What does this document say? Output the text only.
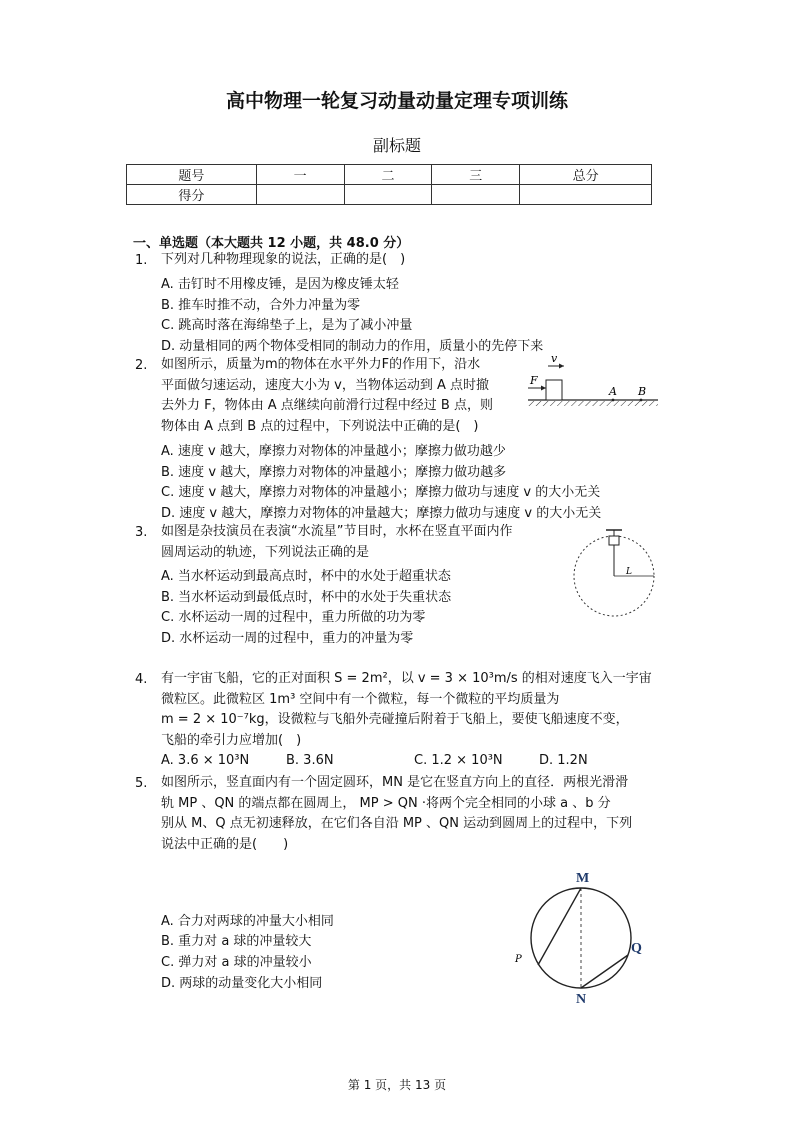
高中物理一轮复习动量动量定理专项训练
副标题
题号	一	二	三	总分
得分				
一、单选题（本大题共 12 小题，共 48.0 分）
1. 下列对几种物理现象的说法，正确的是(　)
A. 击钉时不用橡皮锤，是因为橡皮锤太轻
B. 推车时推不动，合外力冲量为零
C. 跳高时落在海绵垫子上，是为了减小冲量
D. 动量相同的两个物体受相同的制动力的作用，质量小的先停下来
2. 如图所示，质量为m的物体在水平外力F的作用下，沿水
平面做匀速运动，速度大小为 v，当物体运动到 A 点时撤
去外力 F，物体由 A 点继续向前滑行过程中经过 B 点，则
物体由 A 点到 B 点的过程中，下列说法中正确的是(　)
A. 速度 v 越大，摩擦力对物体的冲量越小；摩擦力做功越少
B. 速度 v 越大，摩擦力对物体的冲量越小；摩擦力做功越多
C. 速度 v 越大，摩擦力对物体的冲量越小；摩擦力做功与速度 v 的大小无关
D. 速度 v 越大，摩擦力对物体的冲量越大；摩擦力做功与速度 v 的大小无关
v
F
A B
3. 如图是杂技演员在表演“水流星”节目时，水杯在竖直平面内作
圆周运动的轨迹，下列说法正确的是
A. 当水杯运动到最高点时，杯中的水处于超重状态
B. 当水杯运动到最低点时，杯中的水处于失重状态
C. 水杯运动一周的过程中，重力所做的功为零
D. 水杯运动一周的过程中，重力的冲量为零
L
4. 有一宇宙飞船，它的正对面积 S = 2m²，以 v = 3 × 10³m/s 的相对速度飞入一宇宙
微粒区。此微粒区 1m³ 空间中有一个微粒，每一个微粒的平均质量为
m = 2 × 10⁻⁷kg，设微粒与飞船外壳碰撞后附着于飞船上，要使飞船速度不变，
飞船的牵引力应增加(　)
A. 3.6 × 10³N	B. 3.6N	C. 1.2 × 10³N	D. 1.2N
5. 如图所示，竖直面内有一个固定圆环，MN 是它在竖直方向上的直径．两根光滑滑
轨 MP 、QN 的端点都在圆周上， MP > QN ·将两个完全相同的小球 a 、b 分
别从 M、Q 点无初速释放，在它们各自沿 MP 、QN 运动到圆周上的过程中，下列
说法中正确的是(　　)
A. 合力对两球的冲量大小相同
B. 重力对 a 球的冲量较大
C. 弹力对 a 球的冲量较小
D. 两球的动量变化大小相同
M
N
Q
P
第 1 页，共 13 页
